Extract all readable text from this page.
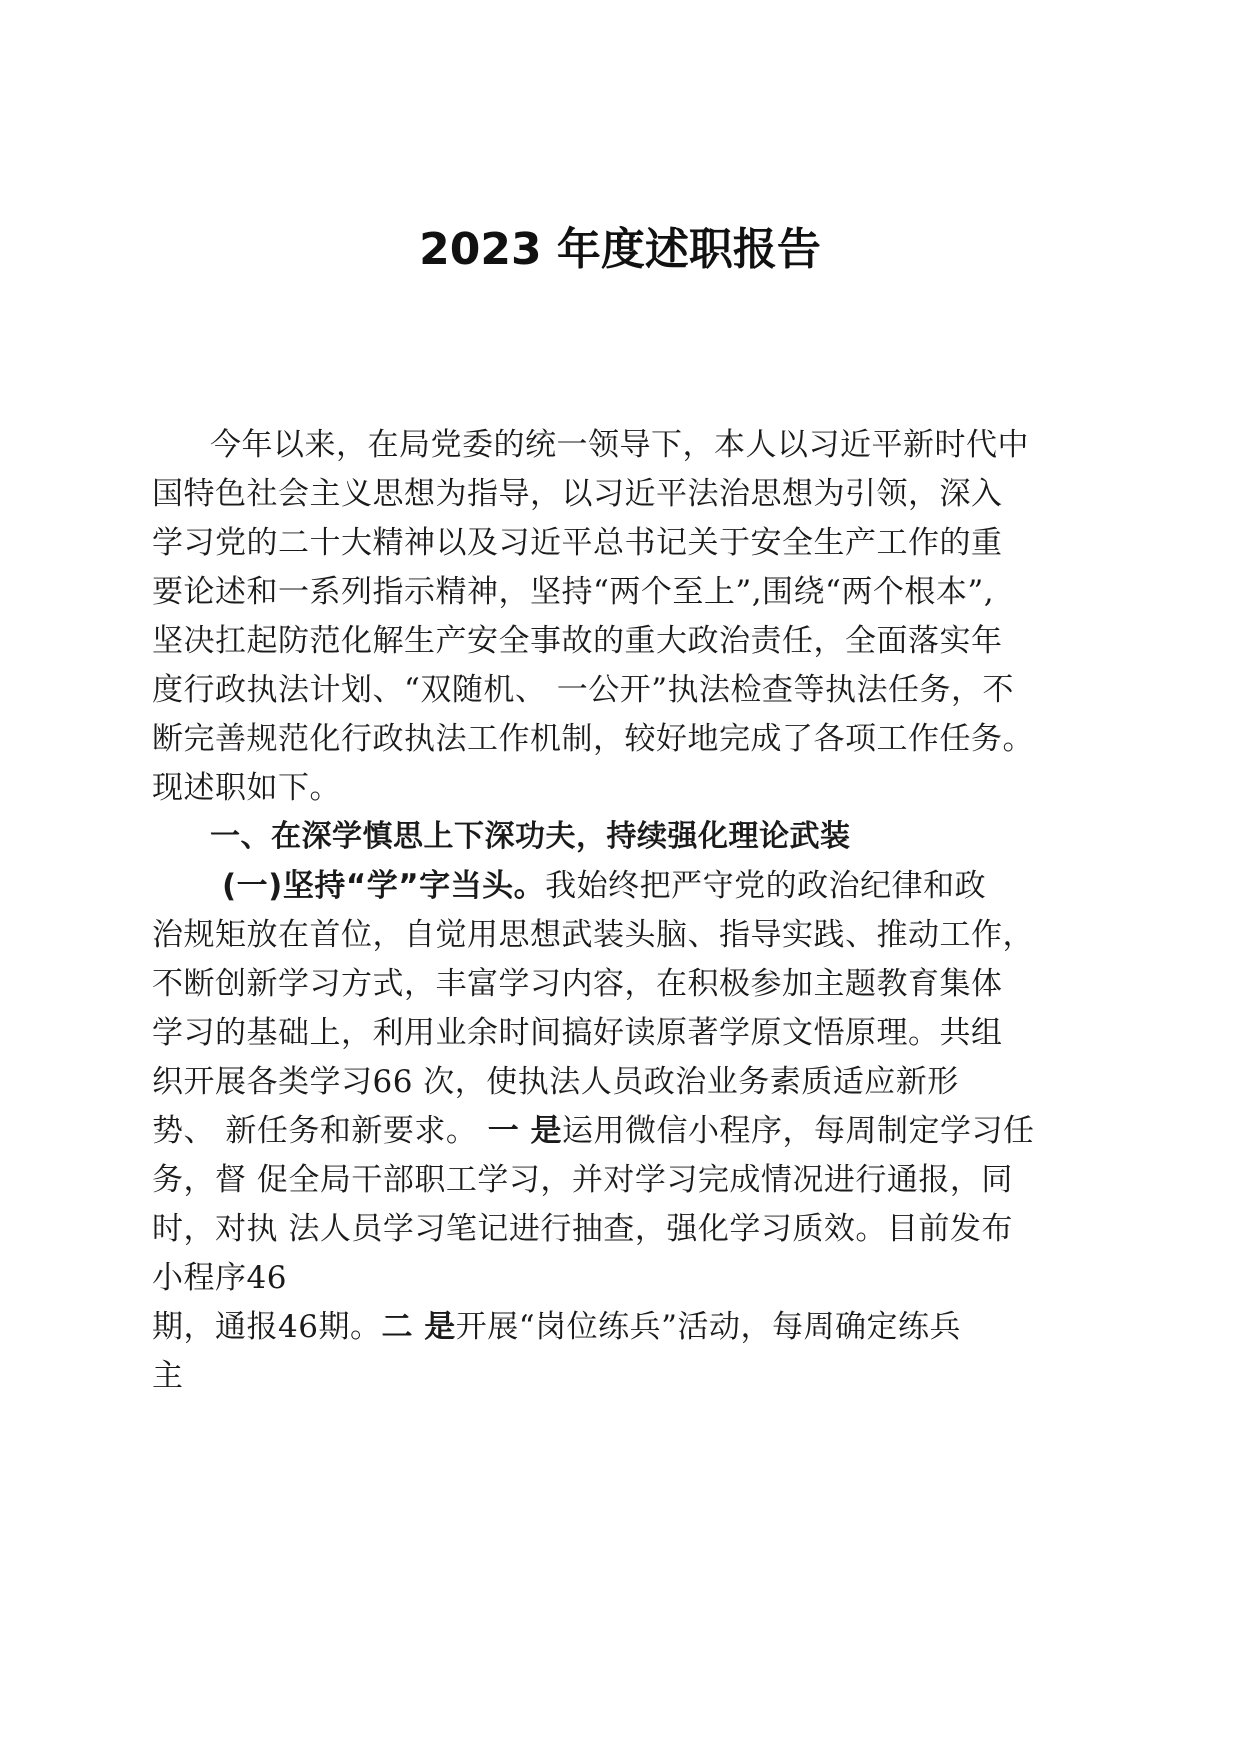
2023 年度述职报告
今年以来，在局党委的统一领导下，本人以习近平新时代中
国特色社会主义思想为指导，以习近平法治思想为引领，深入
学习党的二十大精神以及习近平总书记关于安全生产工作的重
要论述和一系列指示精神，坚持“两个至上”,围绕“两个根本”,
坚决扛起防范化解生产安全事故的重大政治责任，全面落实年
度行政执法计划、“双随机、 一公开”执法检查等执法任务，不
断完善规范化行政执法工作机制，较好地完成了各项工作任务。
现述职如下。
一、在深学慎思上下深功夫，持续强化理论武装
(一)坚持“学”字当头。我始终把严守党的政治纪律和政
治规矩放在首位，自觉用思想武装头脑、指导实践、推动工作，
不断创新学习方式，丰富学习内容，在积极参加主题教育集体
学习的基础上，利用业余时间搞好读原著学原文悟原理。共组
织开展各类学习66 次，使执法人员政治业务素质适应新形
势、 新任务和新要求。 一 是运用微信小程序，每周制定学习任
务，督 促全局干部职工学习，并对学习完成情况进行通报，同
时，对执 法人员学习笔记进行抽查，强化学习质效。目前发布
小程序46
期，通报46期。二 是开展“岗位练兵”活动，每周确定练兵
主
